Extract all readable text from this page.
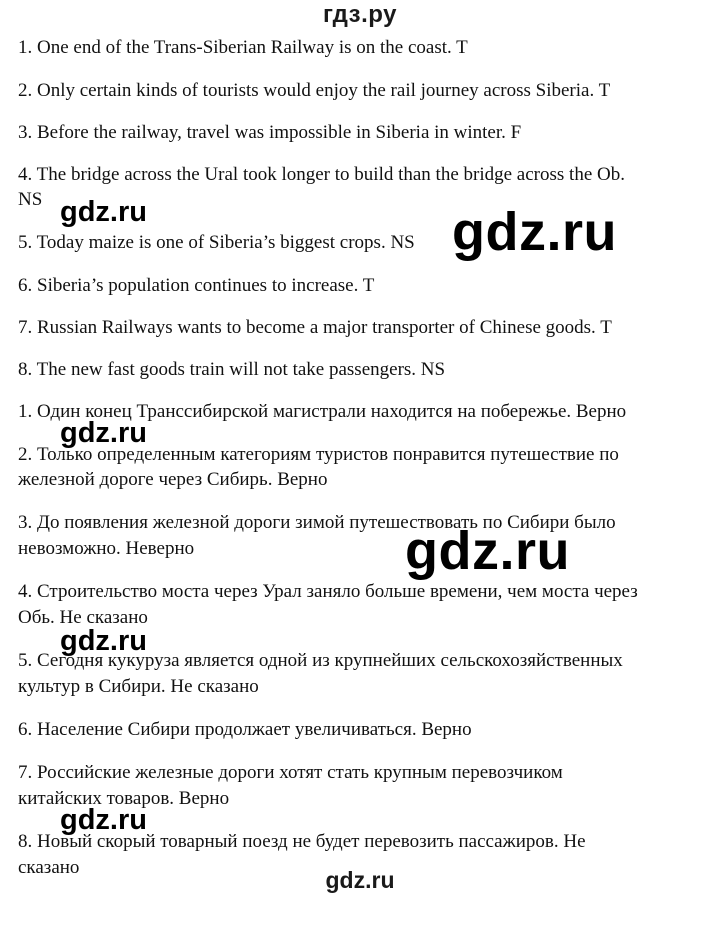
гдз.ру
1. One end of the Trans-Siberian Railway is on the coast. T
2. Only certain kinds of tourists would enjoy the rail journey across Siberia. T
3. Before the railway, travel was impossible in Siberia in winter. F
4. The bridge across the Ural took longer to build than the bridge across the Ob.
NS
5. Today maize is one of Siberia’s biggest crops. NS
6. Siberia’s population continues to increase. T
7. Russian Railways wants to become a major transporter of Chinese goods. T
8. The new fast goods train will not take passengers. NS
1. Один конец Транссибирской магистрали находится на побережье. Верно
2. Только определенным категориям туристов понравится путешествие по
железной дороге через Сибирь. Верно
3. До появления железной дороги зимой путешествовать по Сибири было
невозможно. Неверно
4. Строительство моста через Урал заняло больше времени, чем моста через
Обь. Не сказано
5. Сегодня кукуруза является одной из крупнейших сельскохозяйственных
культур в Сибири. Не сказано
6. Население Сибири продолжает увеличиваться. Верно
7. Российские железные дороги хотят стать крупным перевозчиком
китайских товаров. Верно
8. Новый скорый товарный поезд не будет перевозить пассажиров. Не
сказано
gdz.ru	gdz.ru
gdz.ru
gdz.ru
gdz.ru
gdz.ru
gdz.ru
